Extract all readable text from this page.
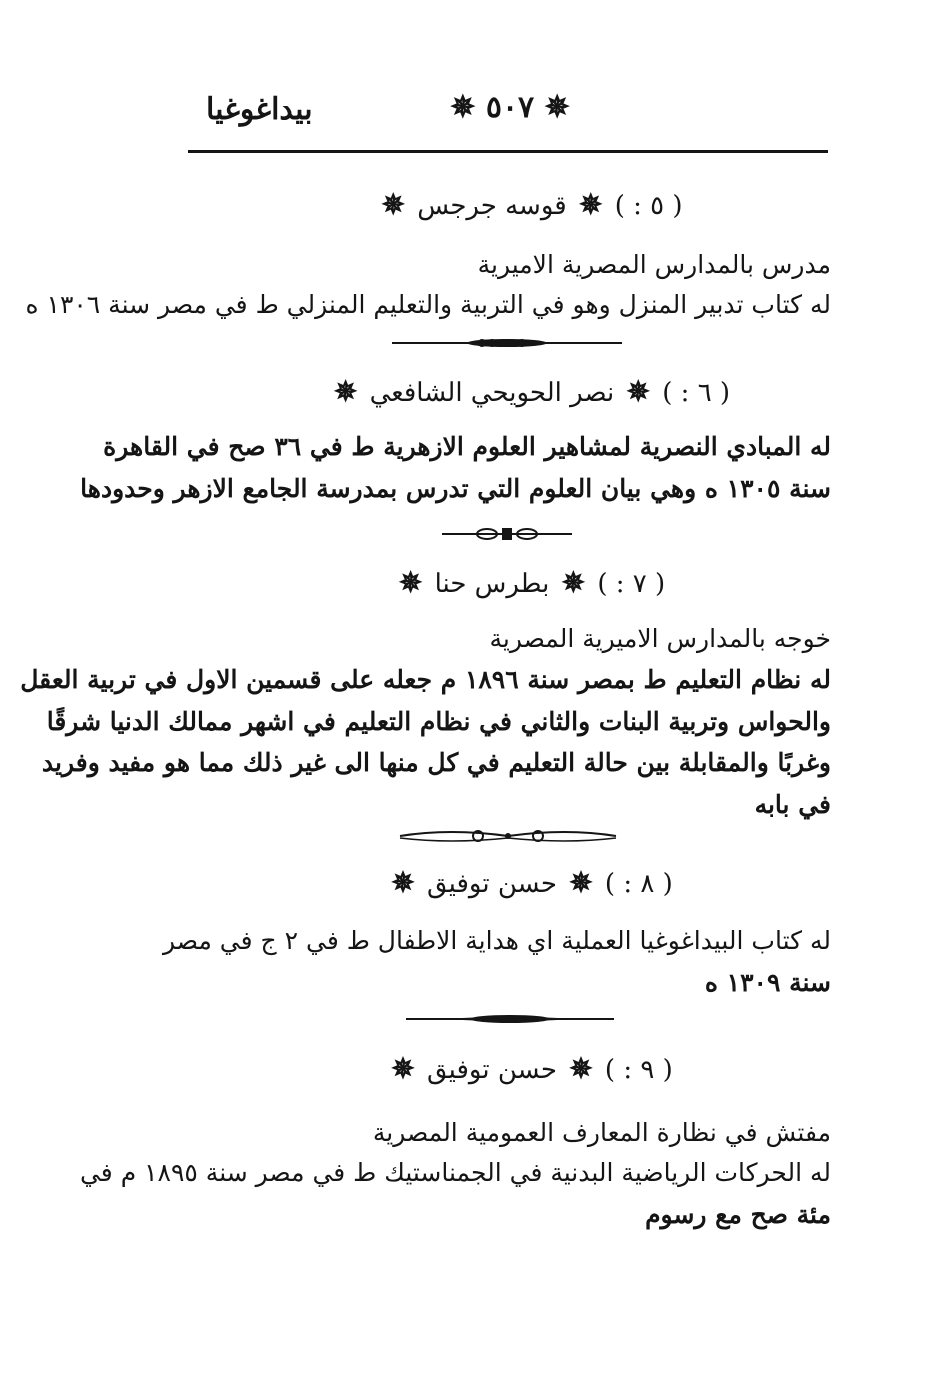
بيداغوغيا	✵ ٥٠٧ ✵
( ٥ : ) ✵ قوسه جرجس ✵
مدرس بالمدارس المصرية الاميرية
له كتاب تدبير المنزل وهو في التربية والتعليم المنزلي ط في مصر سنة ١٣٠٦ ه
( ٦ : ) ✵ نصر الحويحي الشافعي ✵
له المبادي النصرية لمشاهير العلوم الازهرية ط في ٣٦ صح في القاهرة
سنة ١٣٠٥ ه وهي بيان العلوم التي تدرس بمدرسة الجامع الازهر وحدودها
( ٧ : ) ✵ بطرس حنا ✵
خوجه بالمدارس الاميرية المصرية
له نظام التعليم ط بمصر سنة ١٨٩٦ م جعله على قسمين الاول في تربية العقل
والحواس وتربية البنات والثاني في نظام التعليم في اشهر ممالك الدنيا شرقًا
وغربًا والمقابلة بين حالة التعليم في كل منها الى غير ذلك مما هو مفيد وفريد
في بابه
( ٨ : ) ✵ حسن توفيق ✵
له كتاب البيداغوغيا العملية اي هداية الاطفال ط في ٢ ج في مصر
سنة ١٣٠٩ ه
( ٩ : ) ✵ حسن توفيق ✵
مفتش في نظارة المعارف العمومية المصرية
له الحركات الرياضية البدنية في الجمناستيك ط في مصر سنة ١٨٩٥ م في
مئة صح مع رسوم
